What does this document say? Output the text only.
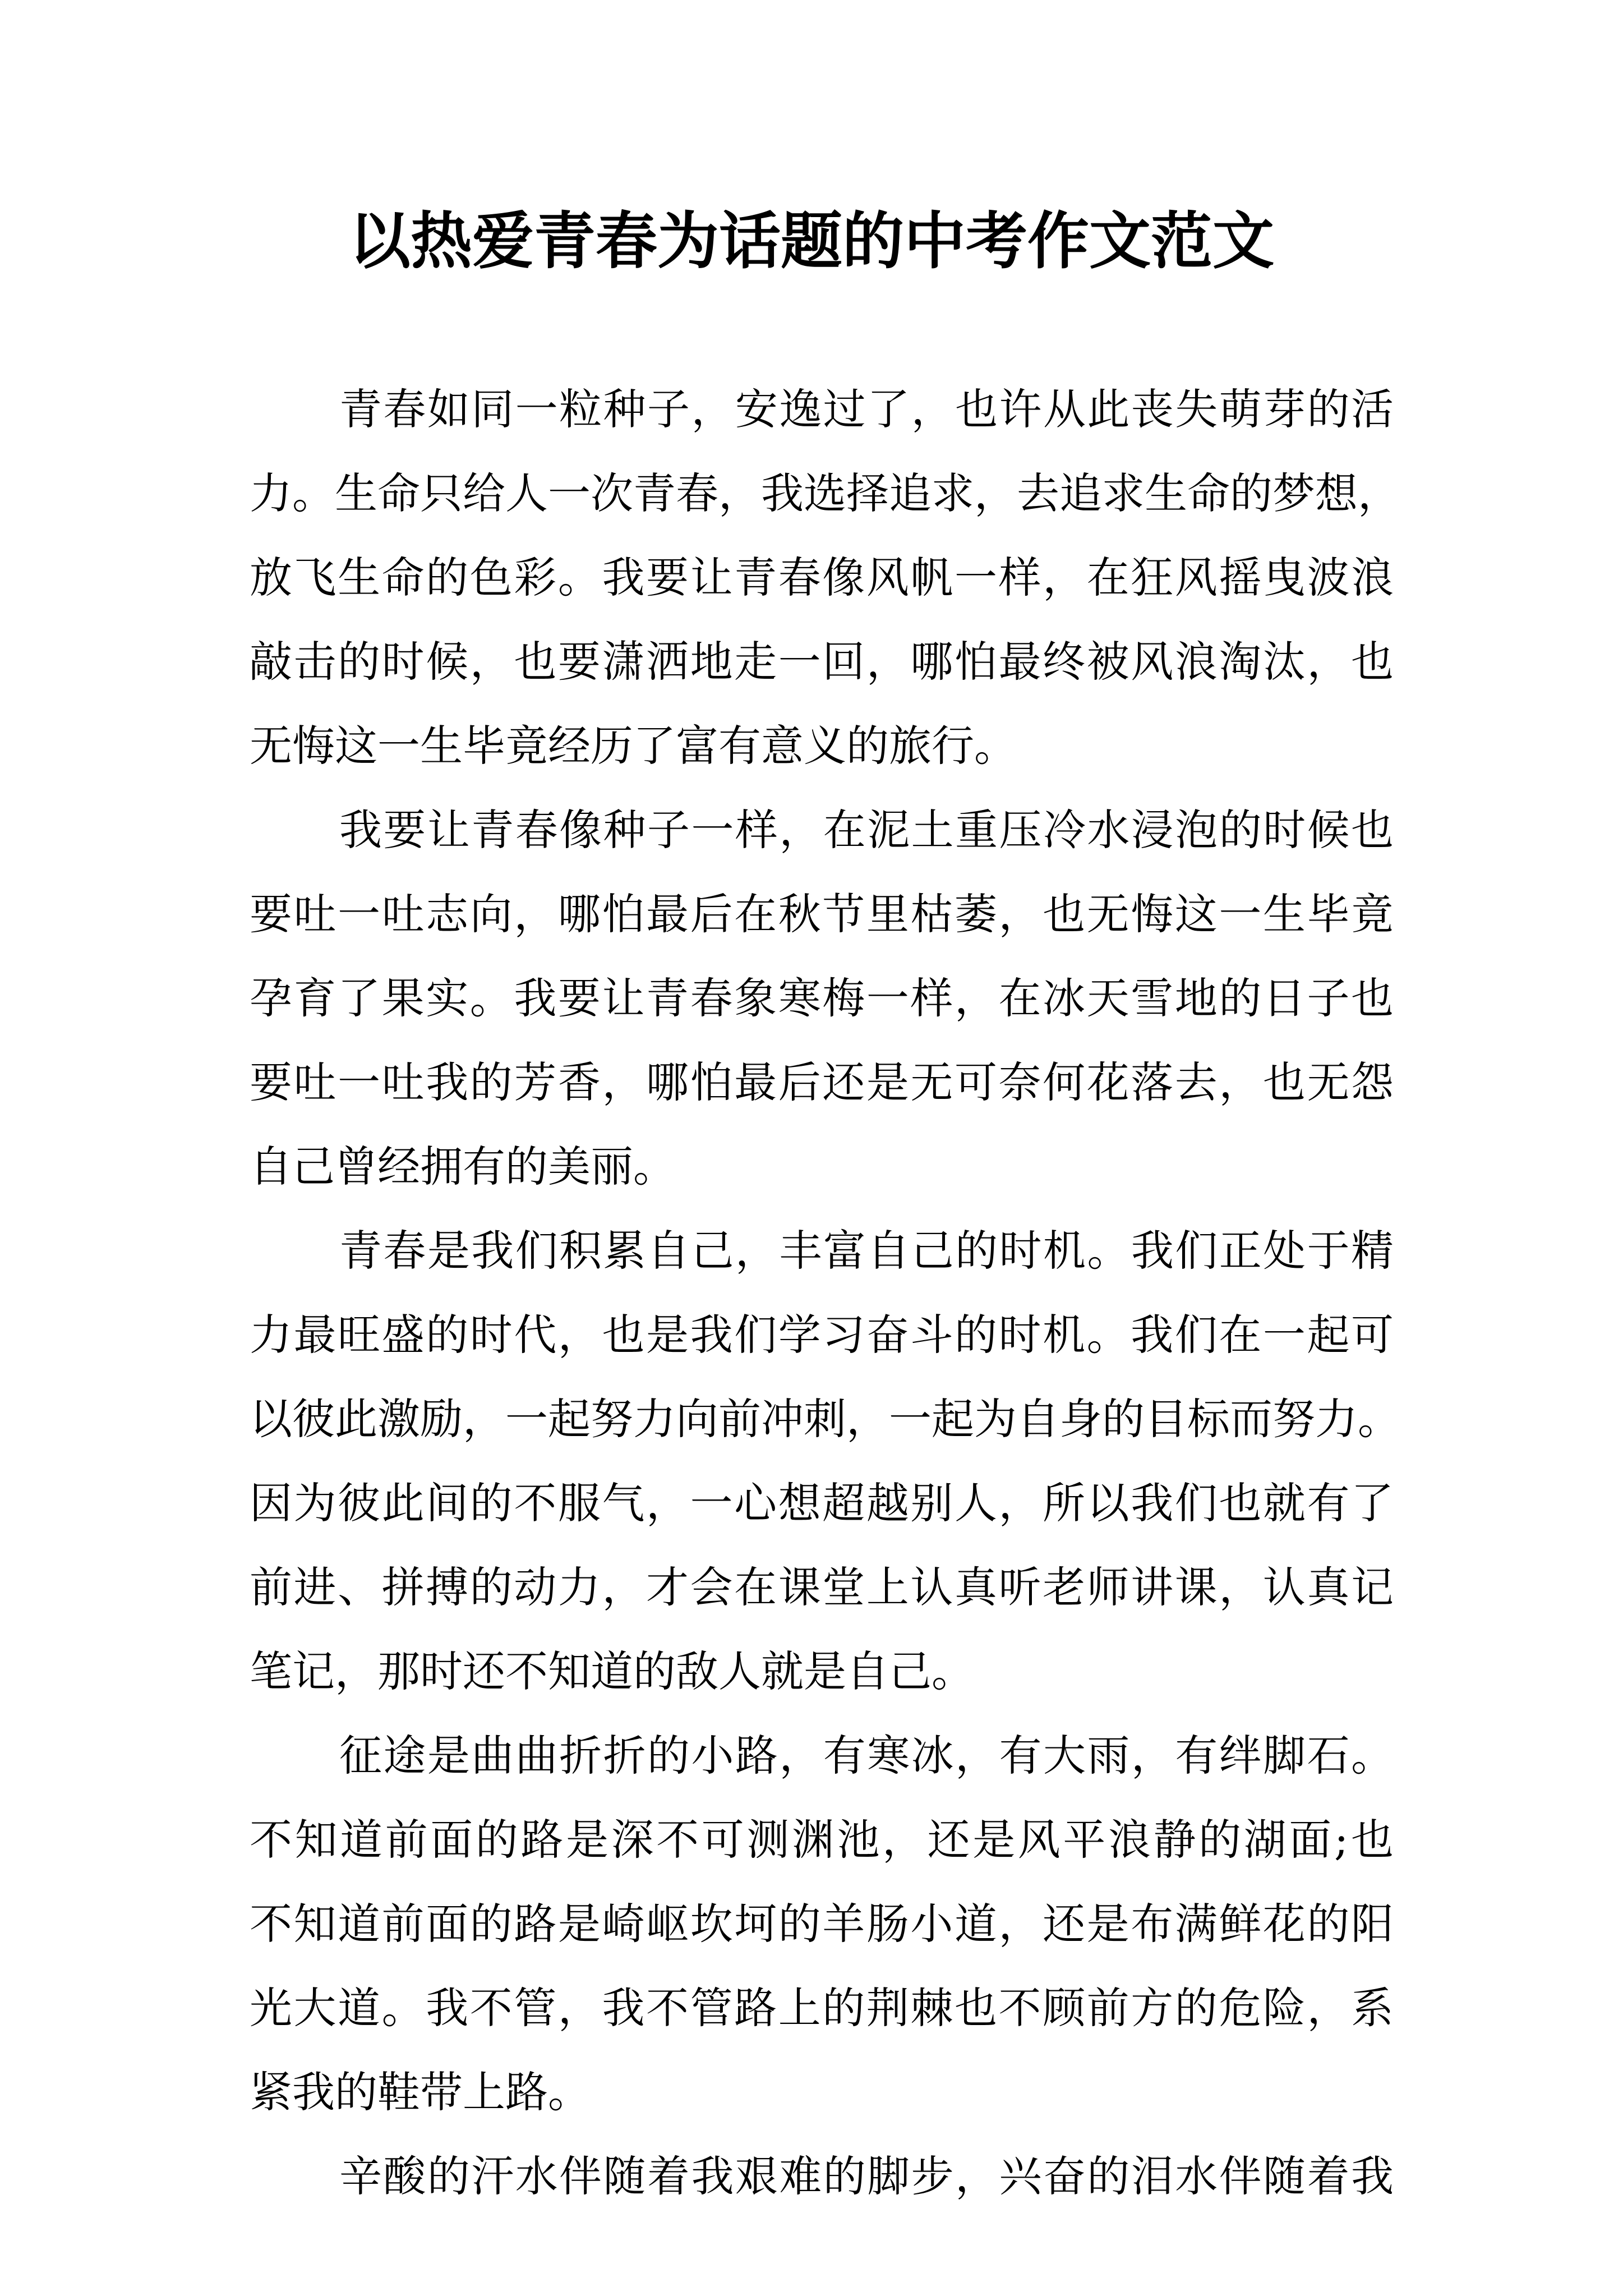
以热爱青春为话题的中考作文范文
青春如同一粒种子，安逸过了，也许从此丧失萌芽的活
力。生命只给人一次青春，我选择追求，去追求生命的梦想，
放飞生命的色彩。我要让青春像风帆一样，在狂风摇曳波浪
敲击的时候，也要潇洒地走一回，哪怕最终被风浪淘汰，也
无悔这一生毕竟经历了富有意义的旅行。
我要让青春像种子一样，在泥土重压冷水浸泡的时候也
要吐一吐志向，哪怕最后在秋节里枯萎，也无悔这一生毕竟
孕育了果实。我要让青春象寒梅一样，在冰天雪地的日子也
要吐一吐我的芳香，哪怕最后还是无可奈何花落去，也无怨
自己曾经拥有的美丽。
青春是我们积累自己，丰富自己的时机。我们正处于精
力最旺盛的时代，也是我们学习奋斗的时机。我们在一起可
以彼此激励，一起努力向前冲刺，一起为自身的目标而努力。
因为彼此间的不服气，一心想超越别人，所以我们也就有了
前进、拼搏的动力，才会在课堂上认真听老师讲课，认真记
笔记，那时还不知道的敌人就是自己。
征途是曲曲折折的小路，有寒冰，有大雨，有绊脚石。
不知道前面的路是深不可测渊池，还是风平浪静的湖面;也
不知道前面的路是崎岖坎坷的羊肠小道，还是布满鲜花的阳
光大道。我不管，我不管路上的荆棘也不顾前方的危险，系
紧我的鞋带上路。
辛酸的汗水伴随着我艰难的脚步，兴奋的泪水伴随着我
